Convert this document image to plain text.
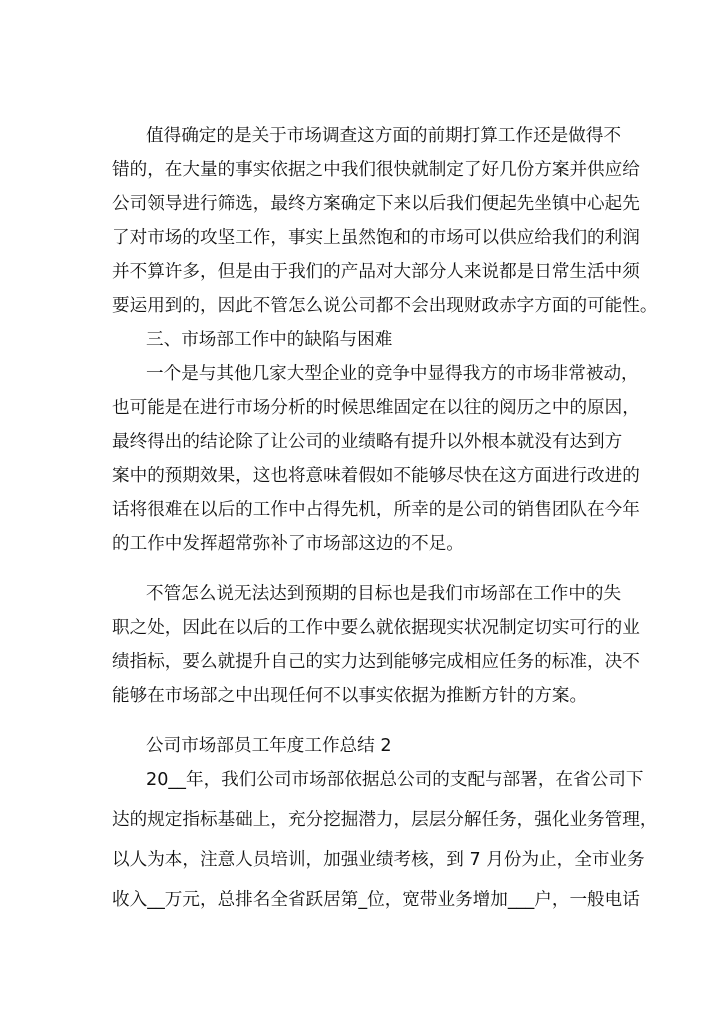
值得确定的是关于市场调查这方面的前期打算工作还是做得不
错的，在大量的事实依据之中我们很快就制定了好几份方案并供应给
公司领导进行筛选，最终方案确定下来以后我们便起先坐镇中心起先
了对市场的攻坚工作，事实上虽然饱和的市场可以供应给我们的利润
并不算许多，但是由于我们的产品对大部分人来说都是日常生活中须
要运用到的，因此不管怎么说公司都不会出现财政赤字方面的可能性。
三、市场部工作中的缺陷与困难
一个是与其他几家大型企业的竞争中显得我方的市场非常被动，
也可能是在进行市场分析的时候思维固定在以往的阅历之中的原因，
最终得出的结论除了让公司的业绩略有提升以外根本就没有达到方
案中的预期效果，这也将意味着假如不能够尽快在这方面进行改进的
话将很难在以后的工作中占得先机，所幸的是公司的销售团队在今年
的工作中发挥超常弥补了市场部这边的不足。
不管怎么说无法达到预期的目标也是我们市场部在工作中的失
职之处，因此在以后的工作中要么就依据现实状况制定切实可行的业
绩指标，要么就提升自己的实力达到能够完成相应任务的标准，决不
能够在市场部之中出现任何不以事实依据为推断方针的方案。
公司市场部员工年度工作总结 2
20__年，我们公司市场部依据总公司的支配与部署，在省公司下
达的规定指标基础上，充分挖掘潜力，层层分解任务，强化业务管理，
以人为本，注意人员培训，加强业绩考核，到 7 月份为止，全市业务
收入__万元，总排名全省跃居第_位，宽带业务增加___户，一般电话
